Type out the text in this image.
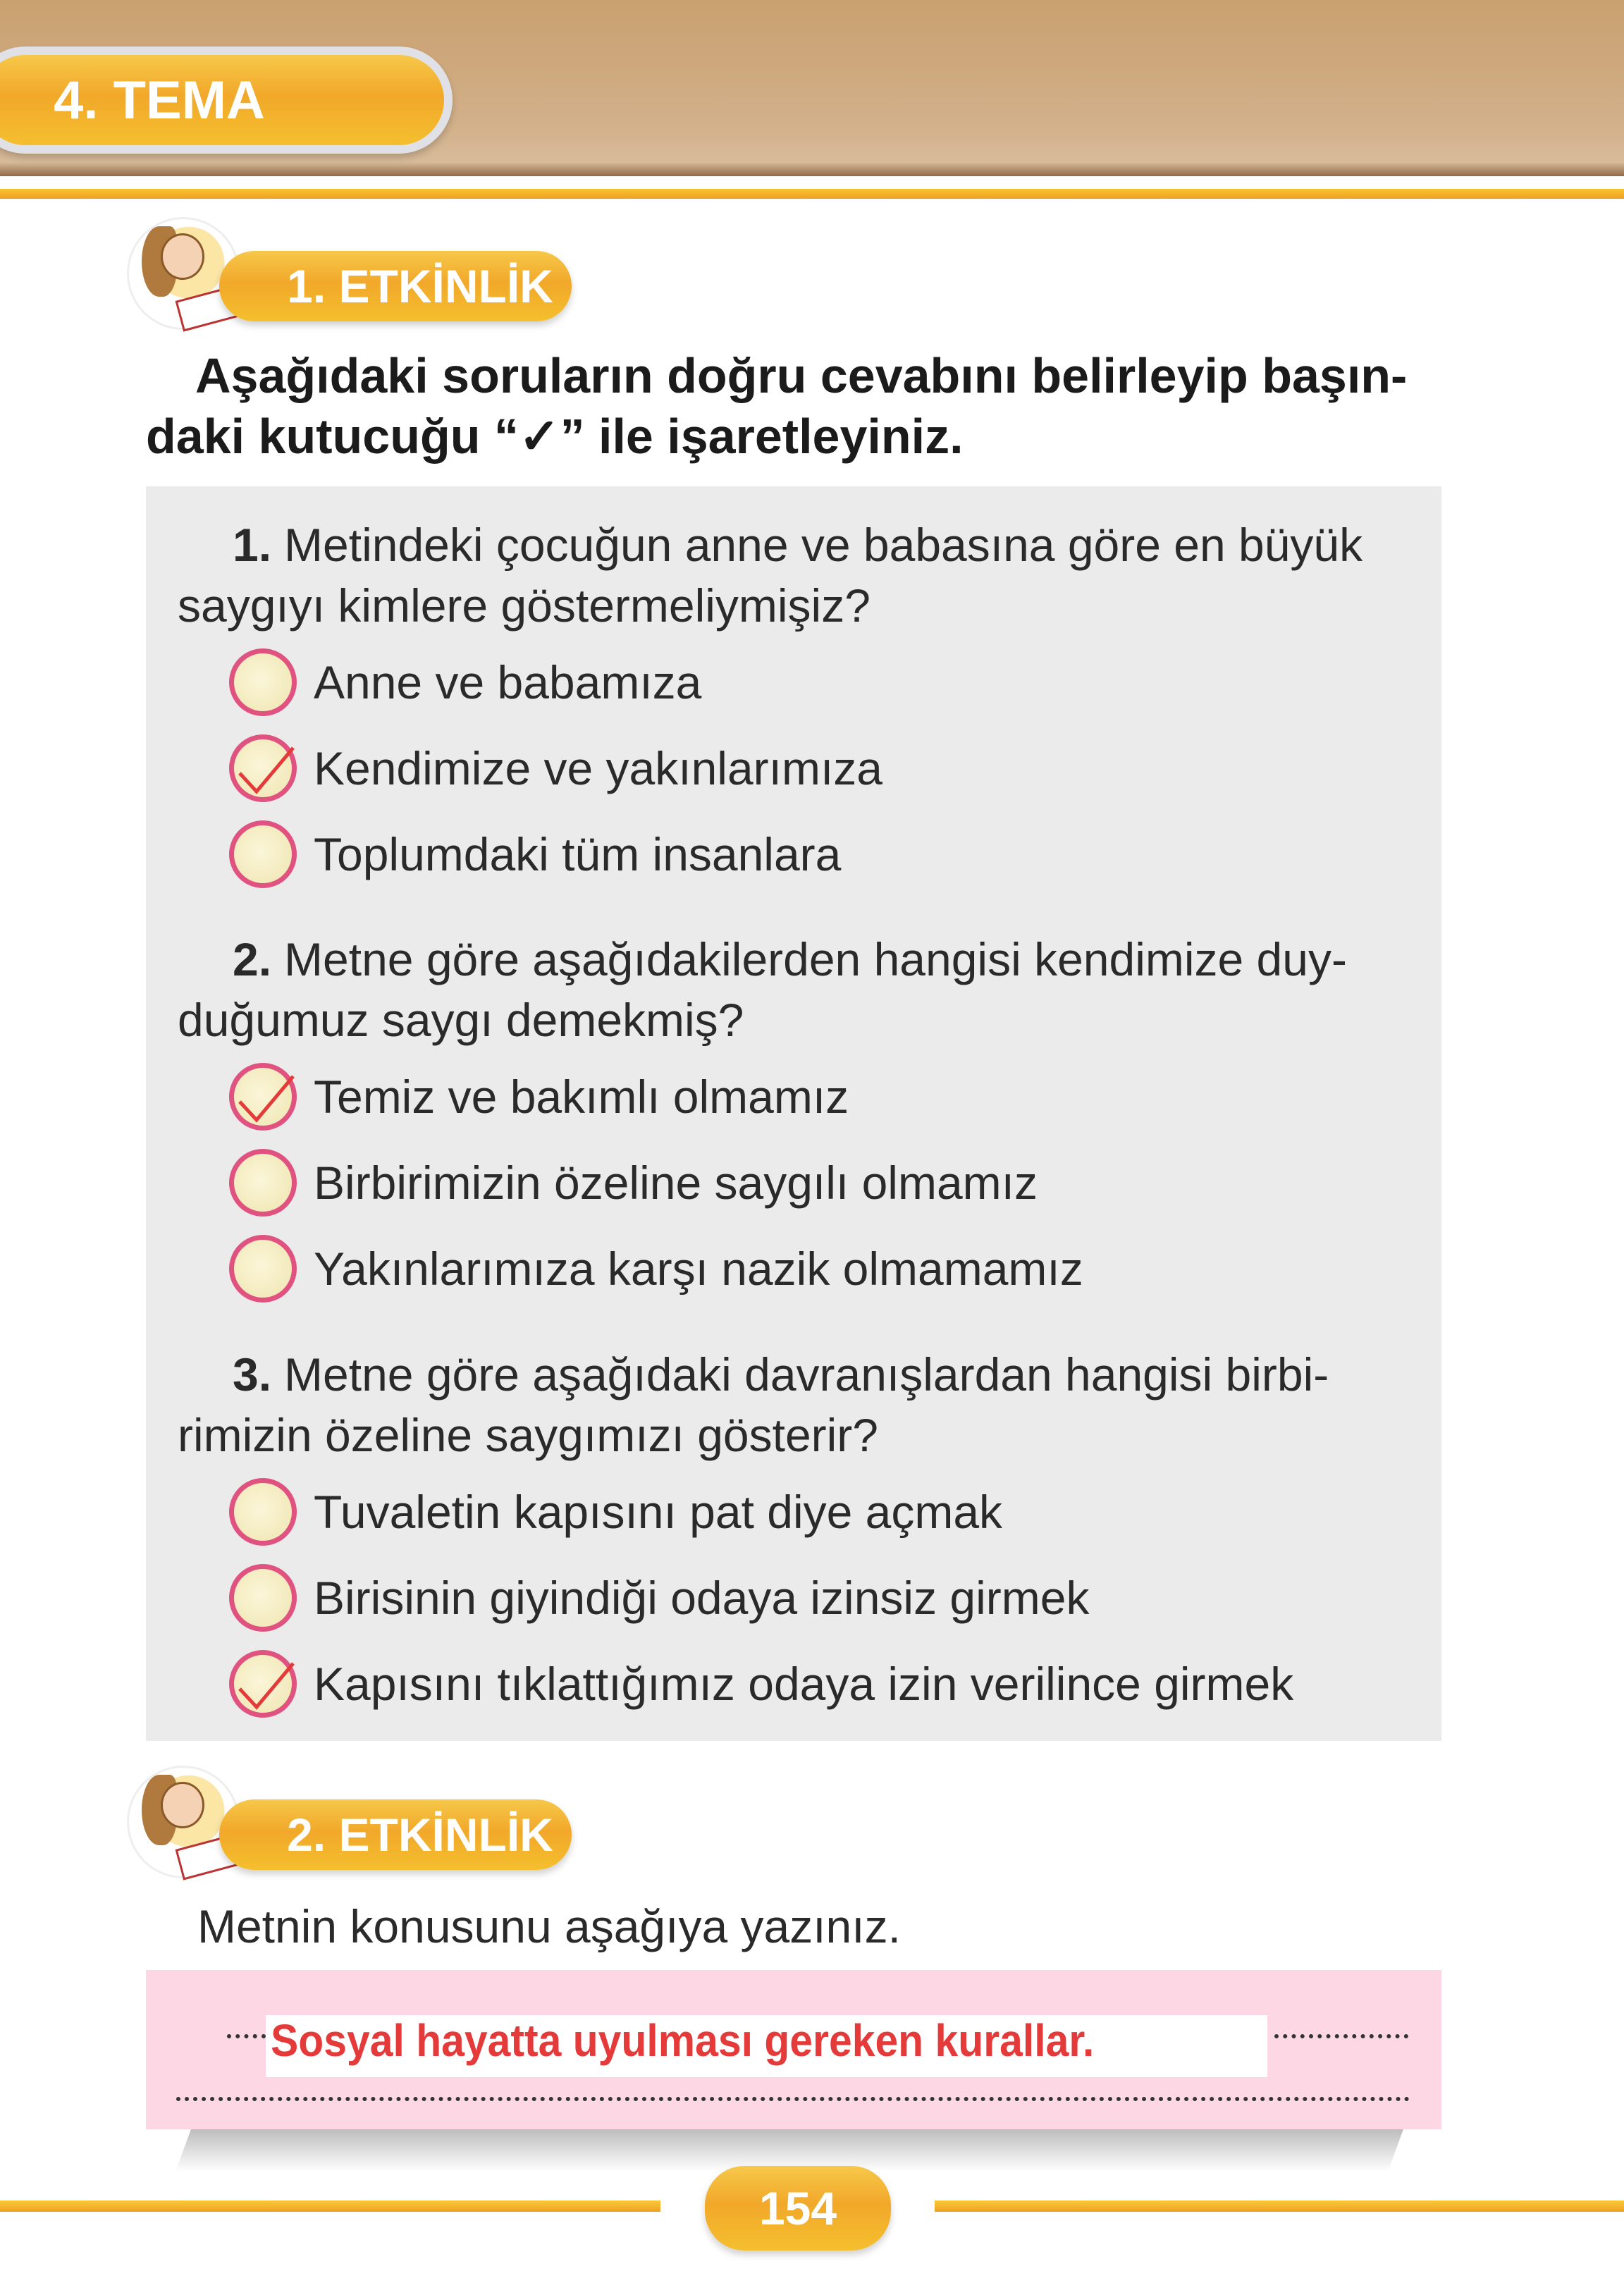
4. TEMA
1. ETKİNLİK
Aşağıdaki soruların doğru cevabını belirleyip başın-
daki kutucuğu “✓” ile işaretleyiniz.
1. Metindeki çocuğun anne ve babasına göre en büyük
saygıyı kimlere göstermeliymişiz?
Anne ve babamıza
Kendimize ve yakınlarımıza
Toplumdaki tüm insanlara
2. Metne göre aşağıdakilerden hangisi kendimize duy-
duğumuz saygı demekmiş?
Temiz ve bakımlı olmamız
Birbirimizin özeline saygılı olmamız
Yakınlarımıza karşı nazik olmamamız
3. Metne göre aşağıdaki davranışlardan hangisi birbi-
rimizin özeline saygımızı gösterir?
Tuvaletin kapısını pat diye açmak
Birisinin giyindiği odaya izinsiz girmek
Kapısını tıklattığımız odaya izin verilince girmek
2. ETKİNLİK
Metnin konusunu aşağıya yazınız.
Sosyal hayatta uyulması gereken kurallar.
154
